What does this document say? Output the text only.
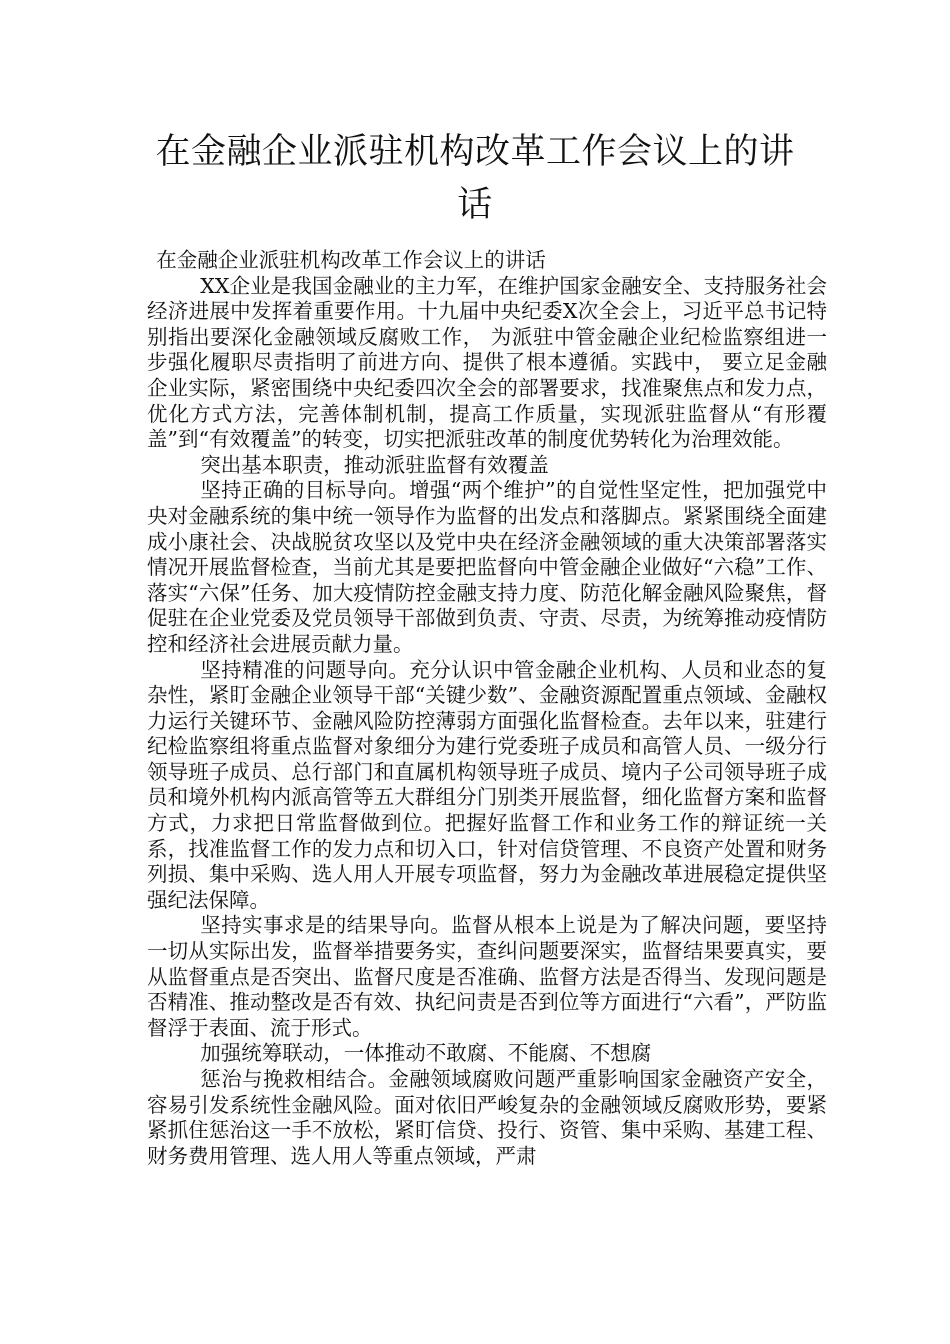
在金融企业派驻机构改革工作会议上的讲话

在金融企业派驻机构改革工作会议上的讲话

XX企业是我国金融业的主力军，在维护国家金融安全、支持服务社会经济进展中发挥着重要作用。十九届中央纪委X次全会上，习近平总书记特别指出要深化金融领域反腐败工作， 为派驻中管金融企业纪检监察组进一步强化履职尽责指明了前进方向、提供了根本遵循。实践中， 要立足金融企业实际，紧密围绕中央纪委四次全会的部署要求，找准聚焦点和发力点，优化方式方法，完善体制机制，提高工作质量，实现派驻监督从“有形覆盖”到“有效覆盖”的转变，切实把派驻改革的制度优势转化为治理效能。

突出基本职责，推动派驻监督有效覆盖

坚持正确的目标导向。增强“两个维护”的自觉性坚定性，把加强党中央对金融系统的集中统一领导作为监督的出发点和落脚点。紧紧围绕全面建成小康社会、决战脱贫攻坚以及党中央在经济金融领域的重大决策部署落实情况开展监督检查，当前尤其是要把监督向中管金融企业做好“六稳”工作、落实“六保”任务、加大疫情防控金融支持力度、防范化解金融风险聚焦，督促驻在企业党委及党员领导干部做到负责、守责、尽责，为统筹推动疫情防控和经济社会进展贡献力量。

坚持精准的问题导向。充分认识中管金融企业机构、人员和业态的复杂性，紧盯金融企业领导干部“关键少数”、金融资源配置重点领域、金融权力运行关键环节、金融风险防控薄弱方面强化监督检查。去年以来，驻建行纪检监察组将重点监督对象细分为建行党委班子成员和高管人员、一级分行领导班子成员、总行部门和直属机构领导班子成员、境内子公司领导班子成员和境外机构内派高管等五大群组分门别类开展监督，细化监督方案和监督方式，力求把日常监督做到位。把握好监督工作和业务工作的辩证统一关系，找准监督工作的发力点和切入口，针对信贷管理、不良资产处置和财务列损、集中采购、选人用人开展专项监督，努力为金融改革进展稳定提供坚强纪法保障。

坚持实事求是的结果导向。监督从根本上说是为了解决问题，要坚持一切从实际出发，监督举措要务实，查纠问题要深实，监督结果要真实，要从监督重点是否突出、监督尺度是否准确、监督方法是否得当、发现问题是否精准、推动整改是否有效、执纪问责是否到位等方面进行“六看”，严防监督浮于表面、流于形式。

加强统筹联动，一体推动不敢腐、不能腐、不想腐

惩治与挽救相结合。金融领域腐败问题严重影响国家金融资产安全，容易引发系统性金融风险。面对依旧严峻复杂的金融领域反腐败形势，要紧紧抓住惩治这一手不放松，紧盯信贷、投行、资管、集中采购、基建工程、财务费用管理、选人用人等重点领域，严肃
